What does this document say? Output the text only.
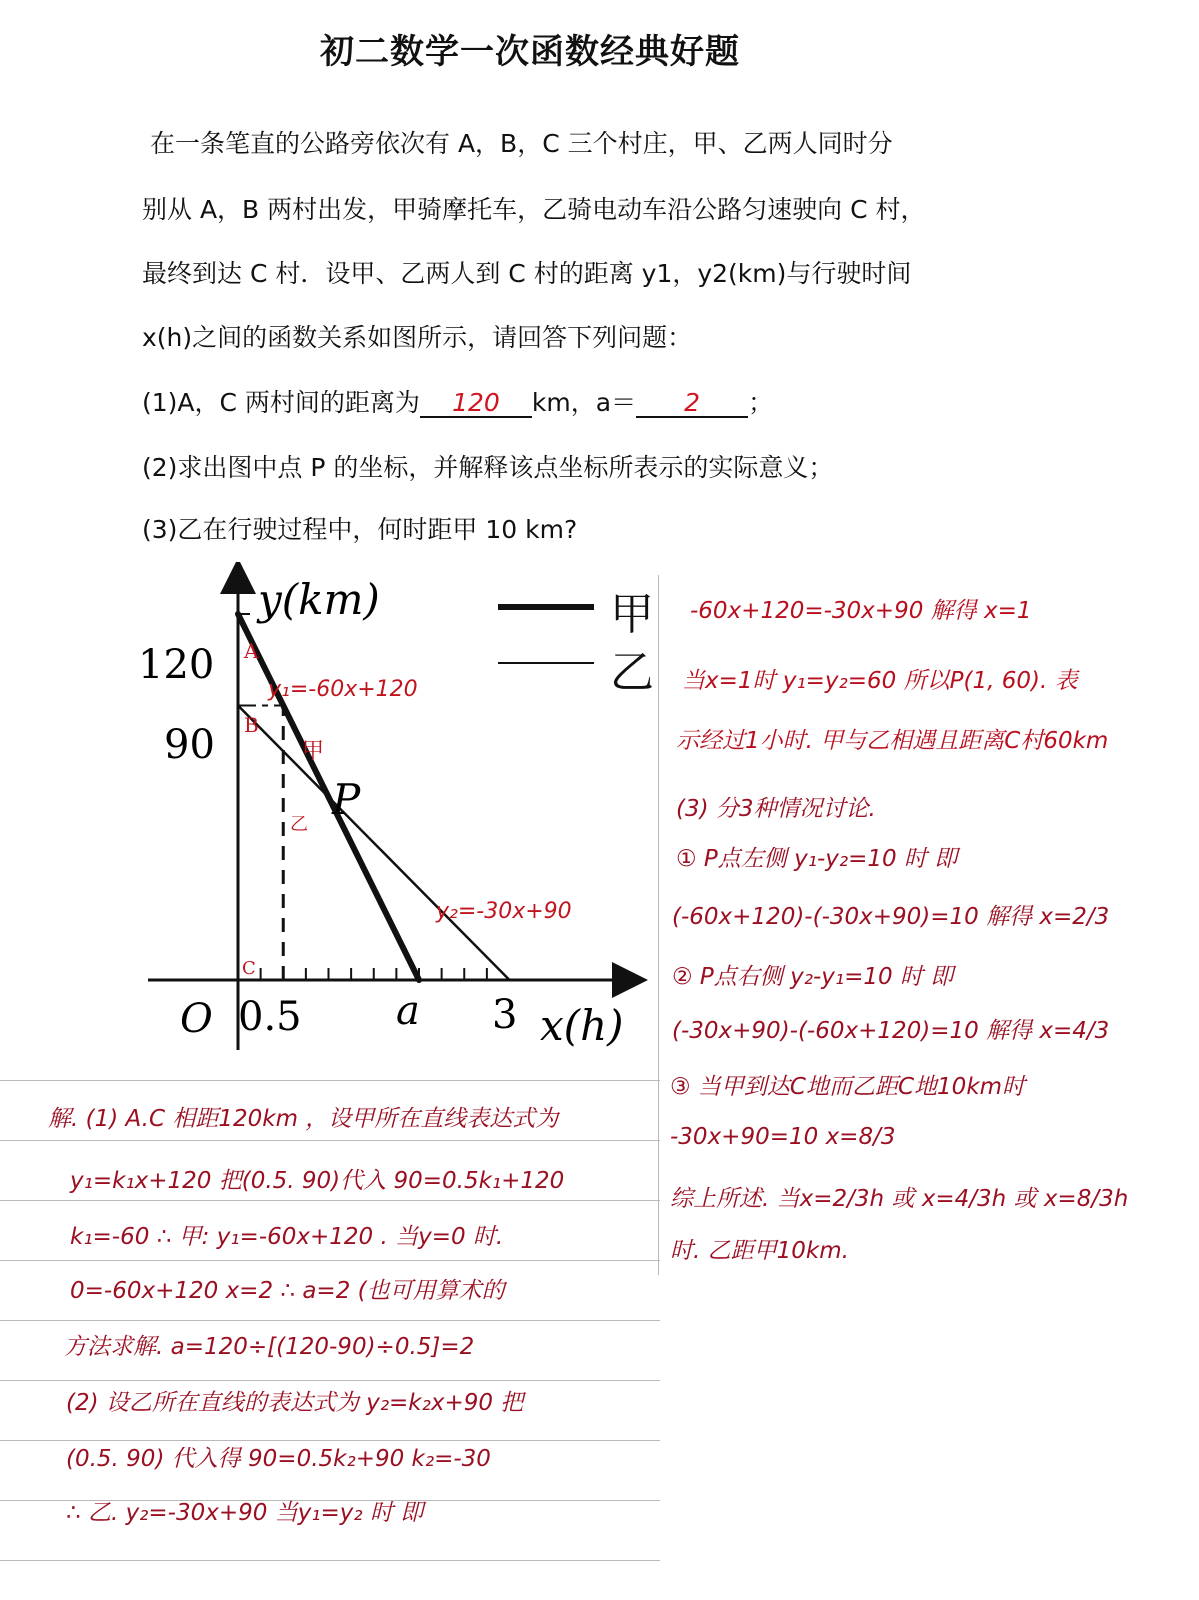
初二数学一次函数经典好题
在一条笔直的公路旁依次有 A，B，C 三个村庄，甲、乙两人同时分
别从 A，B 两村出发，甲骑摩托车，乙骑电动车沿公路匀速驶向 C 村，
最终到达 C 村．设甲、乙两人到 C 村的距离 y1，y2(km)与行驶时间
x(h)之间的函数关系如图所示，请回答下列问题：
(1)A，C 两村间的距离为 120 km，a＝ 2 ；
(2)求出图中点 P 的坐标，并解释该点坐标所表示的实际意义；
(3)乙在行驶过程中，何时距甲 10 km?
y(km)
x(h)
O
120
90
0.5 a 3
P
A
B
C
甲
乙
y₁=-60x+120
y₂=-30x+90
甲
乙
-60x+120=-30x+90 解得 x=1
当x=1时 y₁=y₂=60 所以P(1, 60). 表
示经过1小时. 甲与乙相遇且距离C村60km
(3) 分3种情况讨论.
① P点左侧 y₁-y₂=10 时 即
(-60x+120)-(-30x+90)=10 解得 x=2/3
② P点右侧 y₂-y₁=10 时 即
(-30x+90)-(-60x+120)=10 解得 x=4/3
③ 当甲到达C地而乙距C地10km时
-30x+90=10 x=8/3
综上所述. 当x=2/3h 或 x=4/3h 或 x=8/3h
时. 乙距甲10km.
解. (1) A.C 相距120km ，设甲所在直线表达式为
y₁=k₁x+120 把(0.5. 90)代入 90=0.5k₁+120
k₁=-60 ∴ 甲: y₁=-60x+120 . 当y=0 时.
0=-60x+120 x=2 ∴ a=2 (也可用算术的
方法求解. a=120÷[(120-90)÷0.5]=2
(2) 设乙所在直线的表达式为 y₂=k₂x+90 把
(0.5. 90) 代入得 90=0.5k₂+90 k₂=-30
∴ 乙. y₂=-30x+90 当y₁=y₂ 时 即
